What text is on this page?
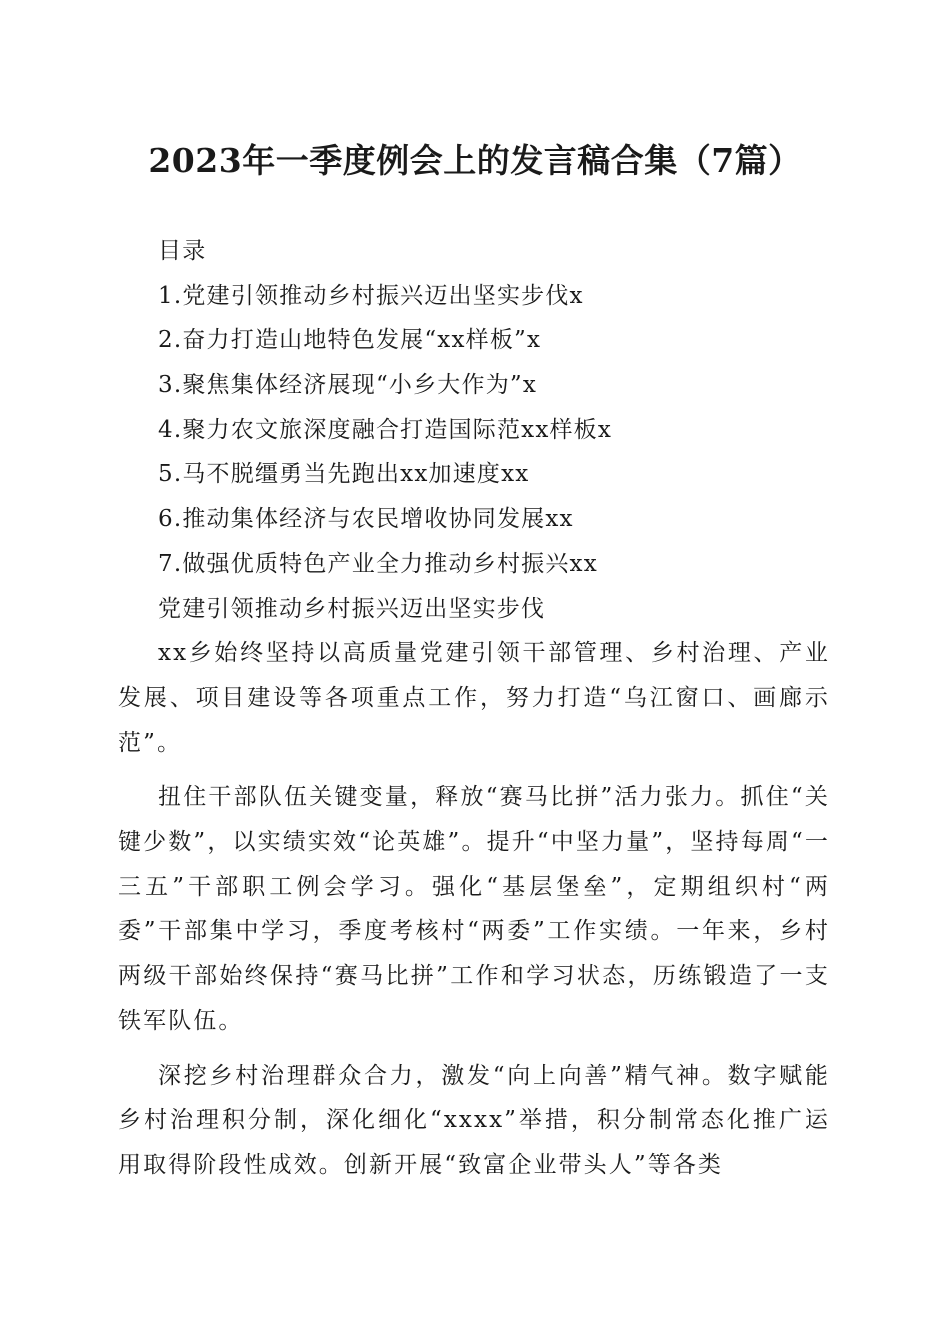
2023年一季度例会上的发言稿合集（7篇）

目录

1.党建引领推动乡村振兴迈出坚实步伐x

2.奋力打造山地特色发展“xx样板”x

3.聚焦集体经济展现“小乡大作为”x

4.聚力农文旅深度融合打造国际范xx样板x

5.马不脱缰勇当先跑出xx加速度xx

6.推动集体经济与农民增收协同发展xx

7.做强优质特色产业全力推动乡村振兴xx

党建引领推动乡村振兴迈出坚实步伐

xx乡始终坚持以高质量党建引领干部管理、乡村治理、产业发展、项目建设等各项重点工作，努力打造“乌江窗口、画廊示范”。

扭住干部队伍关键变量，释放“赛马比拼”活力张力。抓住“关键少数”，以实绩实效“论英雄”。提升“中坚力量”，坚持每周“一三五”干部职工例会学习。强化“基层堡垒”，定期组织村“两委”干部集中学习，季度考核村“两委”工作实绩。一年来，乡村两级干部始终保持“赛马比拼”工作和学习状态，历练锻造了一支铁军队伍。

深挖乡村治理群众合力，激发“向上向善”精气神。数字赋能乡村治理积分制，深化细化“xxxx”举措，积分制常态化推广运用取得阶段性成效。创新开展“致富企业带头人”等各类
